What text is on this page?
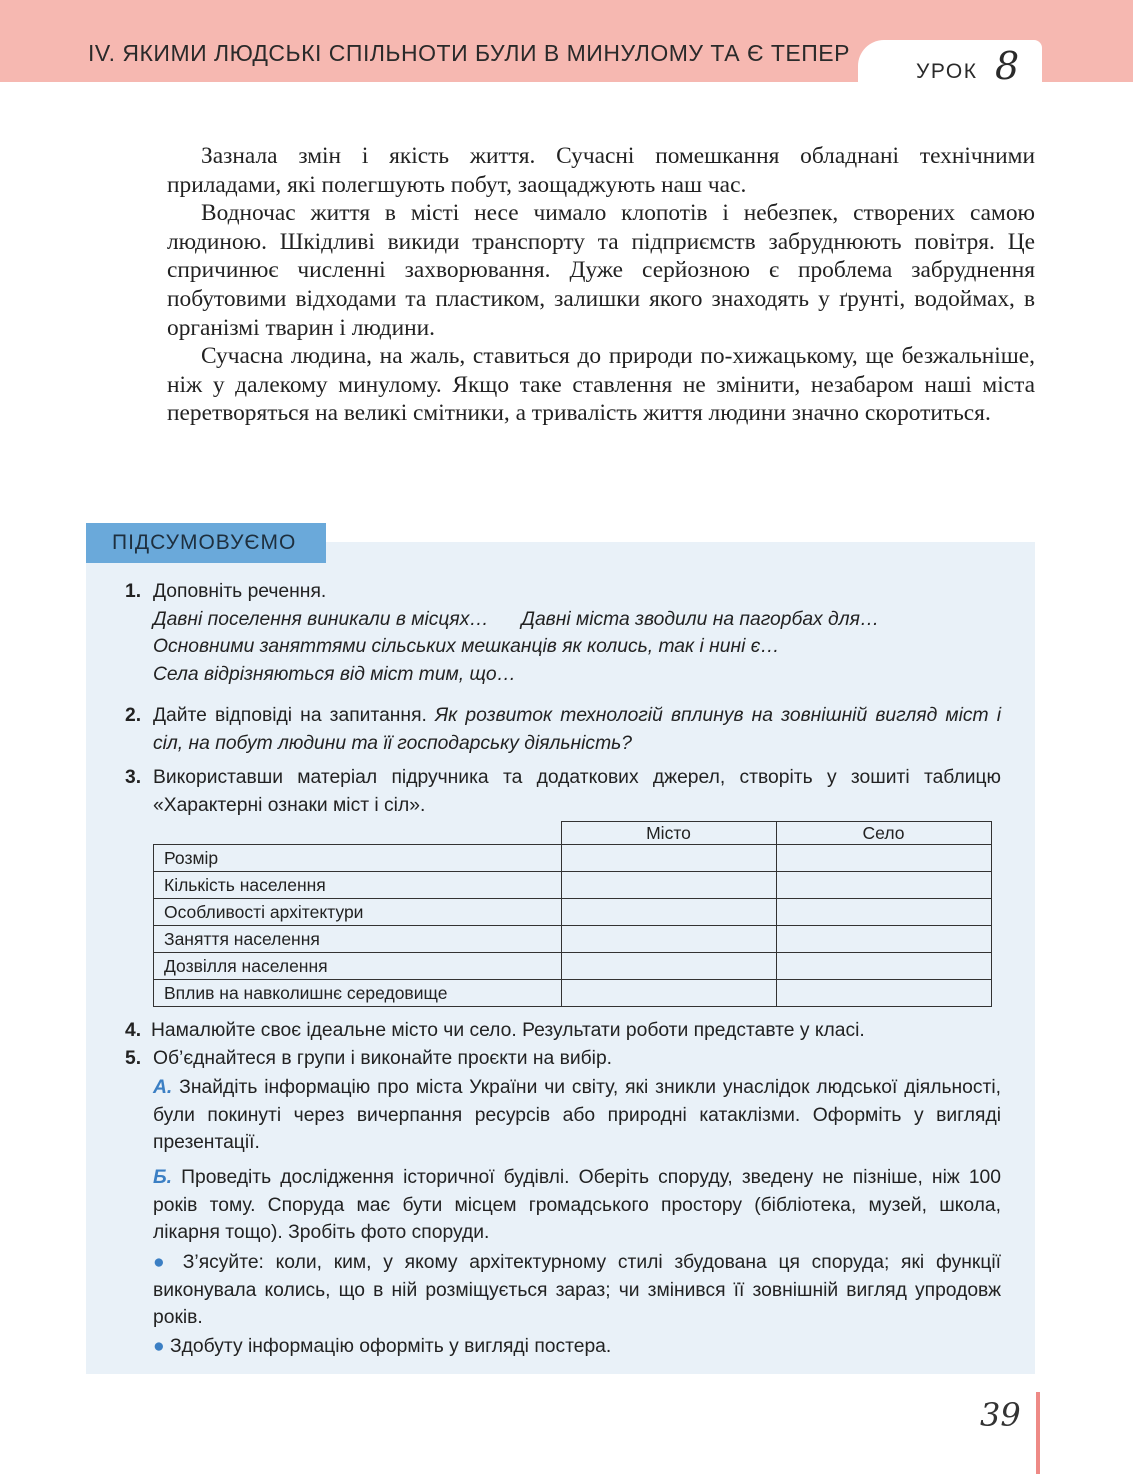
IV. ЯКИМИ ЛЮДСЬКІ СПІЛЬНОТИ БУЛИ В МИНУЛОМУ ТА Є ТЕПЕР
УРОК 8

Зазнала змін і якість життя. Сучасні помешкання обладнані технічними приладами, які полегшують побут, заощаджують наш час.

Водночас життя в місті несе чимало клопотів і небезпек, створених самою людиною. Шкідливі викиди транспорту та підприємств забруднюють повітря. Це спричинює численні захворювання. Дуже серйозною є проблема забруднення побутовими відходами та пластиком, залишки якого знаходять у ґрунті, водоймах, в організмі тварин і людини.

Сучасна людина, на жаль, ставиться до природи по-хижацькому, ще безжальніше, ніж у далекому минулому. Якщо таке ставлення не змінити, незабаром наші міста перетворяться на великі смітники, а тривалість життя людини значно скоротиться.

ПІДСУМОВУЄМО
1. Доповніть речення.
Давні поселення виникали в місцях… Давні міста зводили на пагорбах для…
Основними заняттями сільських мешканців як колись, так і нині є…
Села відрізняються від міст тим, що…
2. Дайте відповіді на запитання. Як розвиток технологій вплинув на зовнішній вигляд міст і сіл, на побут людини та її господарську діяльність?
3. Використавши матеріал підручника та додаткових джерел, створіть у зошиті таблицю «Характерні ознаки міст і сіл».
	Місто	Село
Розмір		
Кількість населення		
Особливості архітектури		
Заняття населення		
Дозвілля населення		
Вплив на навколишнє середовище		
4. Намалюйте своє ідеальне місто чи село. Результати роботи представте у класі.
5. Об’єднайтеся в групи і виконайте проєкти на вибір.
А. Знайдіть інформацію про міста України чи світу, які зникли унаслідок людської діяльності, були покинуті через вичерпання ресурсів або природні катаклізми. Оформіть у вигляді презентації.
Б. Проведіть дослідження історичної будівлі. Оберіть споруду, зведену не пізніше, ніж 100 років тому. Споруда має бути місцем громадського простору (бібліотека, музей, школа, лікарня тощо). Зробіть фото споруди.
● З’ясуйте: коли, ким, у якому архітектурному стилі збудована ця споруда; які функції виконувала колись, що в ній розміщується зараз; чи змінився її зовнішній вигляд упродовж років.
● Здобуту інформацію оформіть у вигляді постера.
39
